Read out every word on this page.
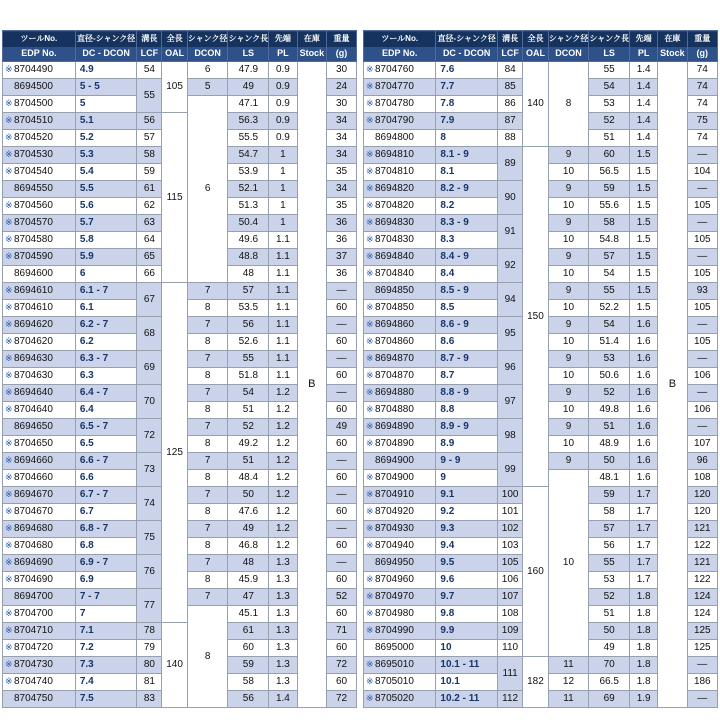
ツールNo.
EDP No.	直径-シャンク径
DC - DCON	溝長
LCF	全長
OAL	シャンク径
DCON	シャンク長
LS	先端
PL	在庫
Stock	重量
(g)

※8704490	4.9	54	105	6	47.9	0.9	B	30
8694500	5 - 5	55		5	49	0.9		24
※8704500	5			6	47.1	0.9		30
※8704510	5.1	56	115		56.3	0.9		34
※8704520	5.2	57			55.5	0.9		34
※8704530	5.3	58			54.7	1		34
※8704540	5.4	59			53.9	1		35
8694550	5.5	61			52.1	1		34
※8704560	5.6	62			51.3	1		35
※8704570	5.7	63			50.4	1		36
※8704580	5.8	64			49.6	1.1		36
※8704590	5.9	65			48.8	1.1		37
8694600	6	66			48	1.1		36
※8694610	6.1 - 7	67	125	7	57	1.1		—
※8704610	6.1			8	53.5	1.1		60
※8694620	6.2 - 7	68		7	56	1.1		—
※8704620	6.2			8	52.6	1.1		60
※8694630	6.3 - 7	69		7	55	1.1		—
※8704630	6.3			8	51.8	1.1		60
※8694640	6.4 - 7	70		7	54	1.2		—
※8704640	6.4			8	51	1.2		60
8694650	6.5 - 7	72		7	52	1.2		49
※8704650	6.5			8	49.2	1.2		60
※8694660	6.6 - 7	73		7	51	1.2		—
※8704660	6.6			8	48.4	1.2		60
※8694670	6.7 - 7	74		7	50	1.2		—
※8704670	6.7			8	47.6	1.2		60
※8694680	6.8 - 7	75		7	49	1.2		—
※8704680	6.8			8	46.8	1.2		60
※8694690	6.9 - 7	76		7	48	1.3		—
※8704690	6.9			8	45.9	1.3		60
8694700	7 - 7	77		7	47	1.3		52
※8704700	7			8	45.1	1.3		60
※8704710	7.1	78	140		61	1.3		71
※8704720	7.2	79			60	1.3		60
※8704730	7.3	80			59	1.3		72
※8704740	7.4	81			58	1.3		60
8704750	7.5	83			56	1.4		72
ツールNo.
EDP No.	直径-シャンク径
DC - DCON	溝長
LCF	全長
OAL	シャンク径
DCON	シャンク長
LS	先端
PL	在庫
Stock	重量
(g)

※8704760	7.6	84	140	8	55	1.4	B	74
※8704770	7.7	85			54	1.4		74
※8704780	7.8	86			53	1.4		74
※8704790	7.9	87			52	1.4		75
8694800	8	88			51	1.4		74
※8694810	8.1 - 9	89	150	9	60	1.5		—
※8704810	8.1			10	56.5	1.5		104
※8694820	8.2 - 9	90		9	59	1.5		—
※8704820	8.2			10	55.6	1.5		105
※8694830	8.3 - 9	91		9	58	1.5		—
※8704830	8.3			10	54.8	1.5		105
※8694840	8.4 - 9	92		9	57	1.5		—
※8704840	8.4			10	54	1.5		105
8694850	8.5 - 9	94		9	55	1.5		93
※8704850	8.5			10	52.2	1.5		105
※8694860	8.6 - 9	95		9	54	1.6		—
※8704860	8.6			10	51.4	1.6		105
※8694870	8.7 - 9	96		9	53	1.6		—
※8704870	8.7			10	50.6	1.6		106
※8694880	8.8 - 9	97		9	52	1.6		—
※8704880	8.8			10	49.8	1.6		106
※8694890	8.9 - 9	98		9	51	1.6		—
※8704890	8.9			10	48.9	1.6		107
8694900	9 - 9	99		9	50	1.6		96
※8704900	9			10	48.1	1.6		108
※8704910	9.1	100	160		59	1.7		120
※8704920	9.2	101			58	1.7		120
※8704930	9.3	102			57	1.7		121
※8704940	9.4	103			56	1.7		122
8694950	9.5	105			55	1.7		121
※8704960	9.6	106			53	1.7		122
※8704970	9.7	107			52	1.8		124
※8704980	9.8	108			51	1.8		124
※8704990	9.9	109			50	1.8		125
8695000	10	110			49	1.8		125
※8695010	10.1 - 11	111	182	11	70	1.8		—
※8705010	10.1			12	66.5	1.8		186
※8705020	10.2 - 11	112		11	69	1.9		—
